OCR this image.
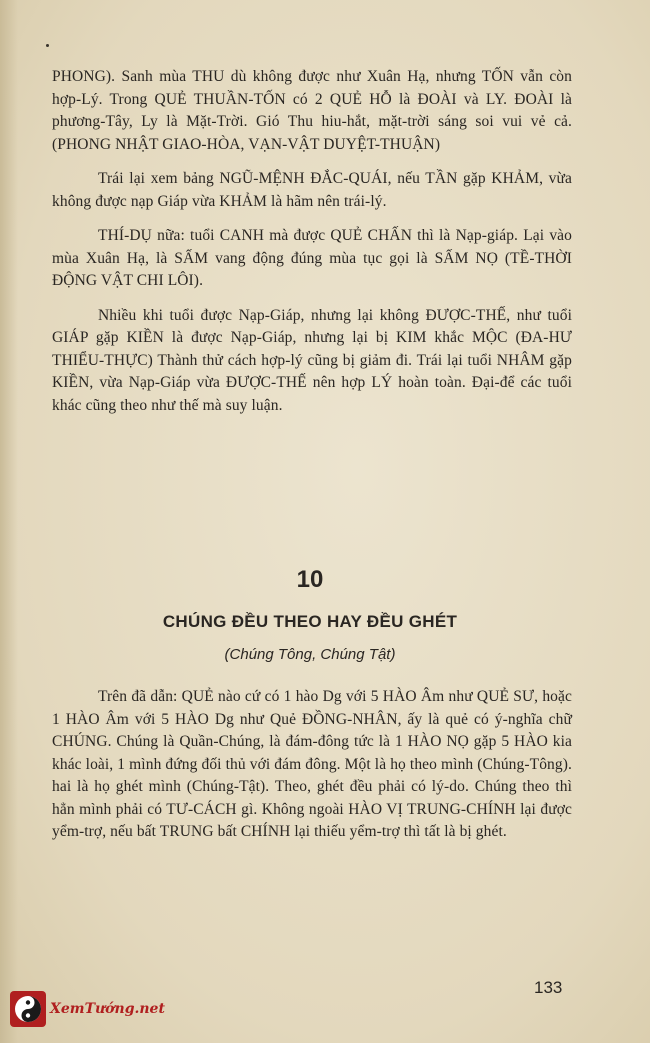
PHONG). Sanh mùa THU dù không được như Xuân Hạ, nhưng TỐN vẫn còn hợp-Lý. Trong QUẺ THUẦN-TỐN có 2 QUẺ HỖ là ĐOÀI và LY. ĐOÀI là phương-Tây, Ly là Mặt-Trời. Gió Thu hiu-hắt, mặt-trời sáng soi vui vẻ cả. (PHONG NHẬT GIAO-HÒA, VẠN-VẬT DUYỆT-THUẬN)

Trái lại xem bảng NGŨ-MỆNH ĐẮC-QUÁI, nếu TẦN gặp KHẢM, vừa không được nạp Giáp vừa KHẢM là hãm nên trái-lý.

THÍ-DỤ nữa: tuổi CANH mà được QUẺ CHẤN thì là Nạp-giáp. Lại vào mùa Xuân Hạ, là SẤM vang động đúng mùa tục gọi là SẤM NỌ (TỀ-THỜI ĐỘNG VẬT CHI LÔI).

Nhiều khi tuổi được Nạp-Giáp, nhưng lại không ĐƯỢC-THẾ, như tuổi GIÁP gặp KIỀN là được Nạp-Giáp, nhưng lại bị KIM khắc MỘC (ĐA-HƯ THIỂU-THỰC) Thành thử cách hợp-lý cũng bị giảm đi. Trái lại tuổi NHÂM gặp KIỀN, vừa Nạp-Giáp vừa ĐƯỢC-THẾ nên hợp LÝ hoàn toàn. Đại-để các tuổi khác cũng theo như thế mà suy luận.

10
CHÚNG ĐỀU THEO HAY ĐỀU GHÉT
(Chúng Tông, Chúng Tật)

Trên đã dẫn: QUẺ nào cứ có 1 hào Dg với 5 HÀO Âm như QUẺ SƯ, hoặc 1 HÀO Âm với 5 HÀO Dg như Quẻ ĐỒNG-NHÂN, ấy là quẻ có ý-nghĩa chữ CHÚNG. Chúng là Quần-Chúng, là đám-đông tức là 1 HÀO NỌ gặp 5 HÀO kia khác loài, 1 mình đứng đối thủ với đám đông. Một là họ theo mình (Chúng-Tông). hai là họ ghét mình (Chúng-Tật). Theo, ghét đều phải có lý-do. Chúng theo thì hẳn mình phải có TƯ-CÁCH gì. Không ngoài HÀO VỊ TRUNG-CHÍNH lại được yểm-trợ, nếu bất TRUNG bất CHÍNH lại thiếu yểm-trợ thì tất là bị ghét.

133
XemTướng.net
